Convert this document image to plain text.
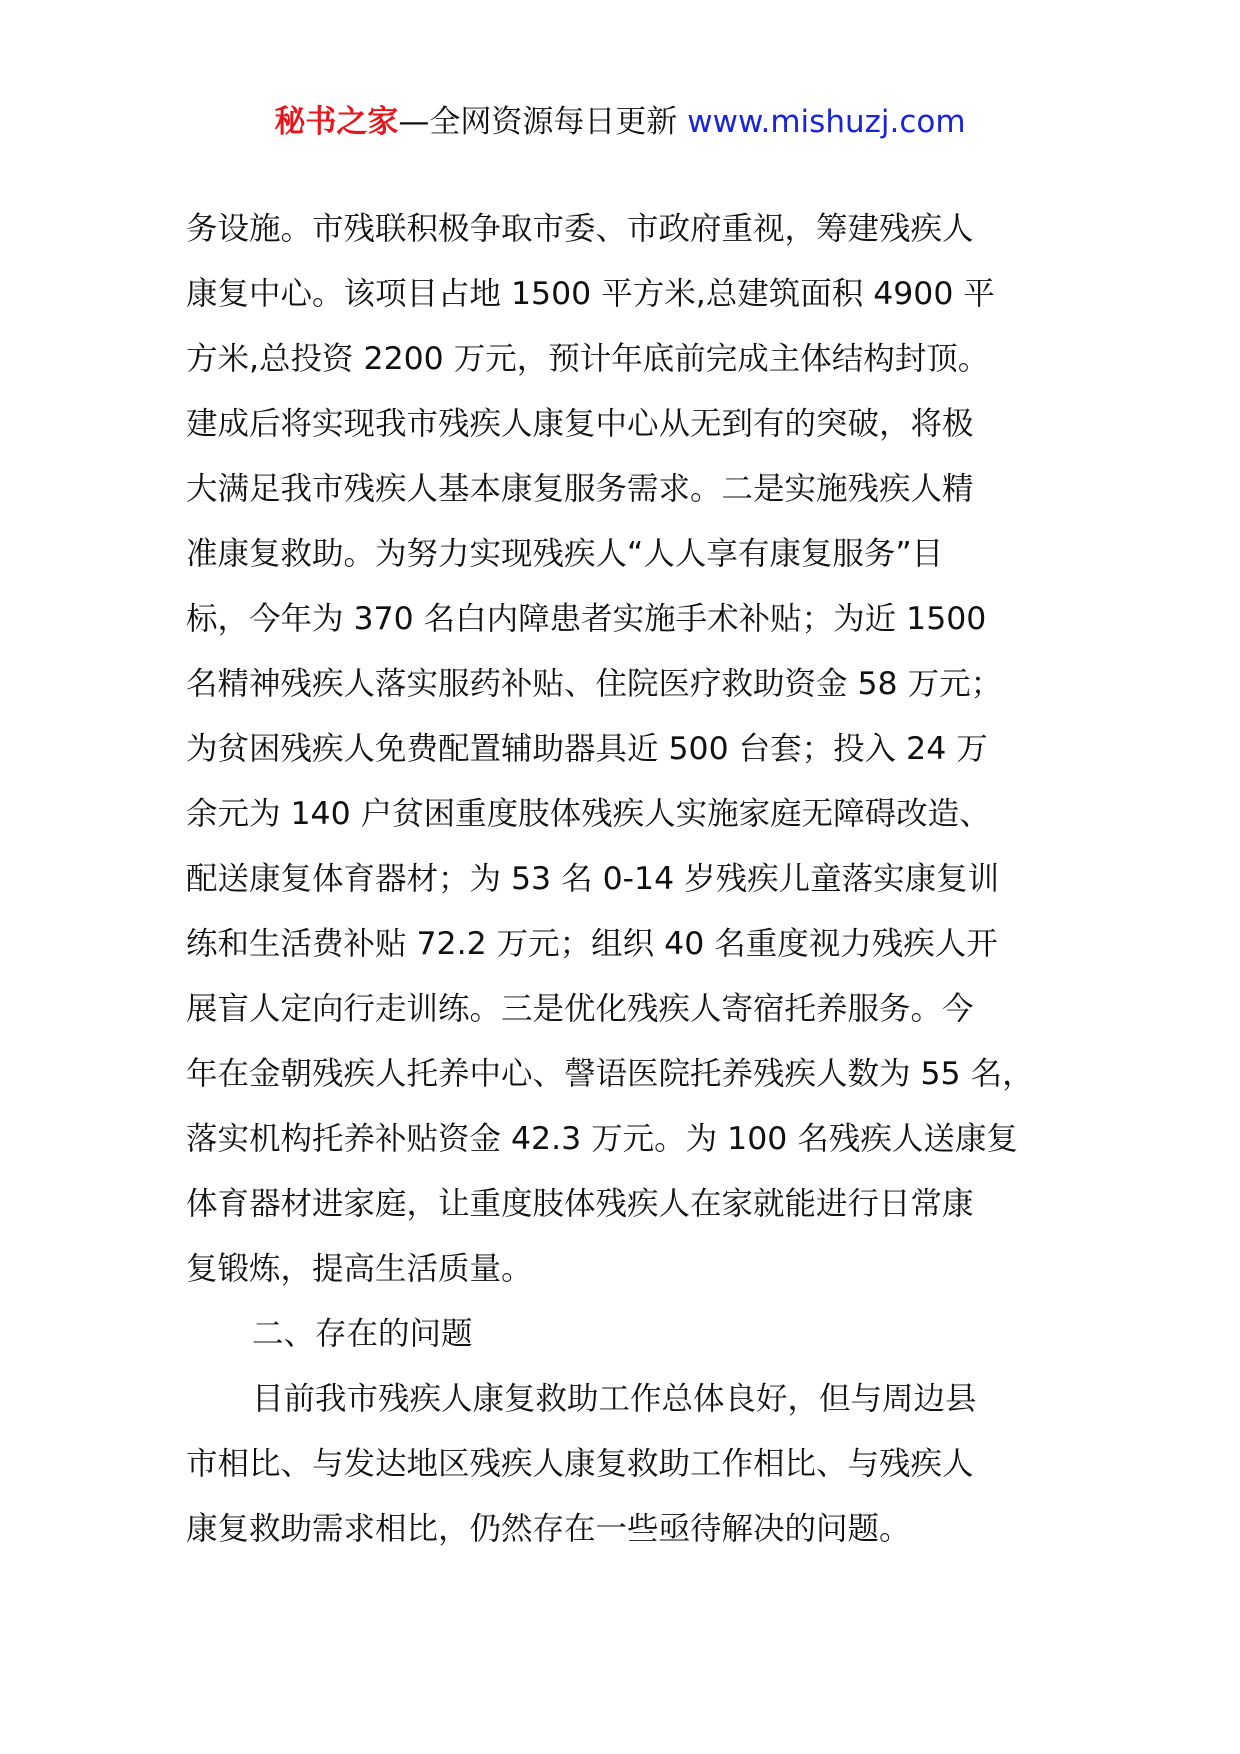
秘书之家—全网资源每日更新 www.mishuzj.com
务设施。市残联积极争取市委、市政府重视，筹建残疾人
康复中心。该项目占地 1500 平方米,总建筑面积 4900 平
方米,总投资 2200 万元，预计年底前完成主体结构封顶。
建成后将实现我市残疾人康复中心从无到有的突破，将极
大满足我市残疾人基本康复服务需求。二是实施残疾人精
准康复救助。为努力实现残疾人“人人享有康复服务”目
标，今年为 370 名白内障患者实施手术补贴；为近 1500
名精神残疾人落实服药补贴、住院医疗救助资金 58 万元；
为贫困残疾人免费配置辅助器具近 500 台套；投入 24 万
余元为 140 户贫困重度肢体残疾人实施家庭无障碍改造、
配送康复体育器材；为 53 名 0-14 岁残疾儿童落实康复训
练和生活费补贴 72.2 万元；组织 40 名重度视力残疾人开
展盲人定向行走训练。三是优化残疾人寄宿托养服务。今
年在金朝残疾人托养中心、謦语医院托养残疾人数为 55 名，
落实机构托养补贴资金 42.3 万元。为 100 名残疾人送康复
体育器材进家庭，让重度肢体残疾人在家就能进行日常康
复锻炼，提高生活质量。
二、存在的问题
目前我市残疾人康复救助工作总体良好，但与周边县
市相比、与发达地区残疾人康复救助工作相比、与残疾人
康复救助需求相比，仍然存在一些亟待解决的问题。
